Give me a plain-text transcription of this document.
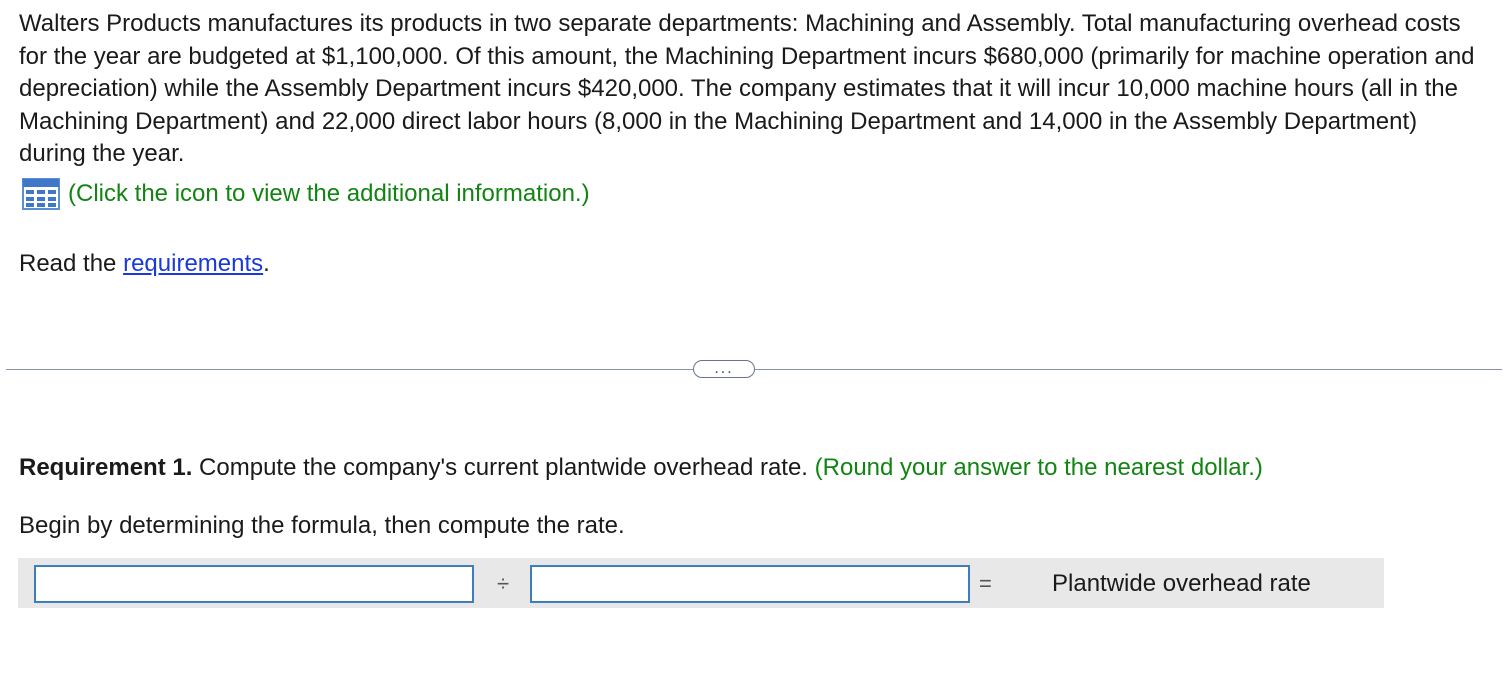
Walters Products manufactures its products in two separate departments: Machining and Assembly. Total manufacturing overhead costs for the year are budgeted at $1,100,000. Of this amount, the Machining Department incurs $680,000 (primarily for machine operation and depreciation) while the Assembly Department incurs $420,000. The company estimates that it will incur 10,000 machine hours (all in the Machining Department) and 22,000 direct labor hours (8,000 in the Machining Department and 14,000 in the Assembly Department) during the year.

(Click the icon to view the additional information.)

Read the requirements.

...

Requirement 1. Compute the company's current plantwide overhead rate. (Round your answer to the nearest dollar.)

Begin by determining the formula, then compute the rate.

÷	=	Plantwide overhead rate
